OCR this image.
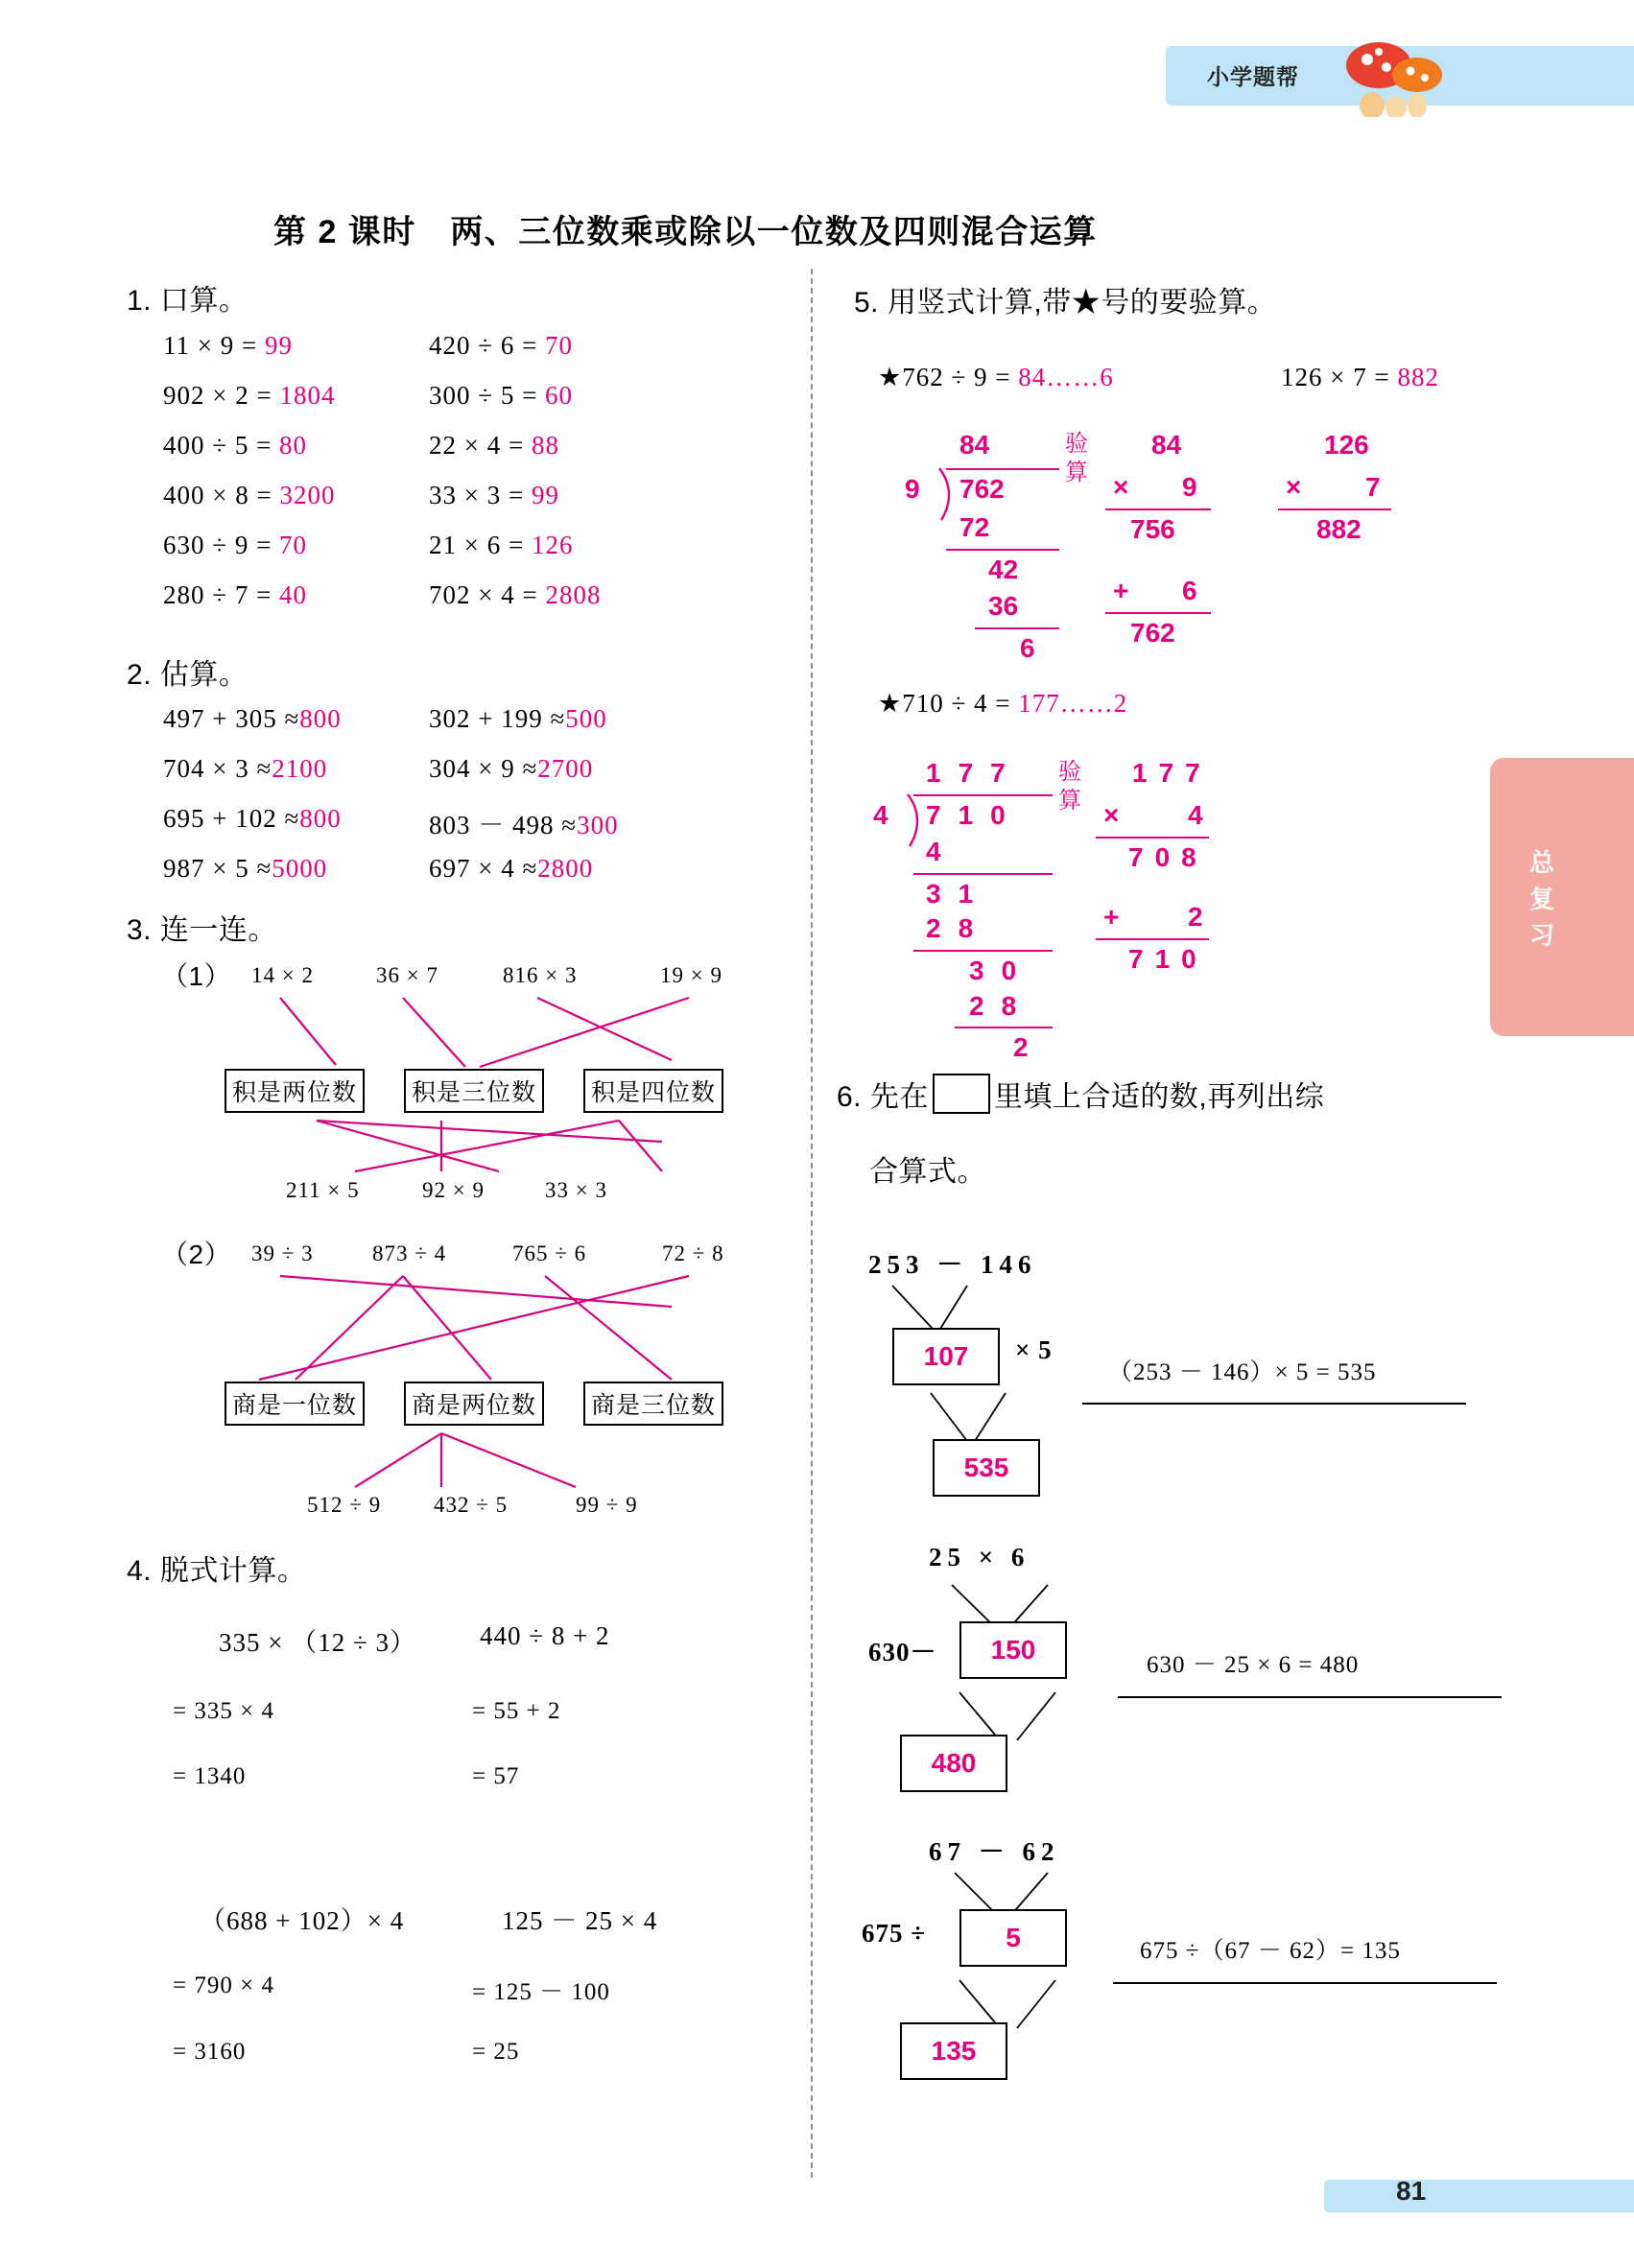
小学题帮
总复习
第 2 课时　两、三位数乘或除以一位数及四则混合运算
1. 口算。
11 × 9 = 99	420 ÷ 6 = 70
902 × 2 = 1804	300 ÷ 5 = 60
400 ÷ 5 = 80	22 × 4 = 88
400 × 8 = 3200	33 × 3 = 99
630 ÷ 9 = 70	21 × 6 = 126
280 ÷ 7 = 40	702 × 4 = 2808
2. 估算。
497 + 305 ≈800	302 + 199 ≈500
704 × 3 ≈2100	304 × 9 ≈2700
695 + 102 ≈800	803 － 498 ≈300
987 × 5 ≈5000	697 × 4 ≈2800
3. 连一连。
（1） 14 × 2	36 × 7	816 × 3	19 × 9
积是两位数	积是三位数	积是四位数
211 × 5	92 × 9	33 × 3
（2） 39 ÷ 3	873 ÷ 4	765 ÷ 6	72 ÷ 8
商是一位数	商是两位数	商是三位数
512 ÷ 9 432 ÷ 5	99 ÷ 9
4. 脱式计算。
335 × （12 ÷ 3） 440 ÷ 8 + 2
= 335 × 4	= 55 + 2
= 1340	= 57
（688 + 102）× 4	125 － 25 × 4
= 790 × 4	= 125 － 100
= 3160	= 25
5. 用竖式计算,带★号的要验算。
★762 ÷ 9 = 84……6	126 × 7 = 882
84
9 762
72
42
36
6
验算
84
× 9
756
+ 6
762
126
× 7
882
★710 ÷ 4 = 177……2
177
4 710
4
31
28
30
28
2
验算
177
×	4
708
+	2
710
6. 先在 里填上合适的数,再列出综
合算式。
253 － 146
107	× 5
535
（253 － 146）× 5 = 535
25 × 6
630－	150
480
630 － 25 × 6 = 480
67 － 62
675 ÷	5
135
675 ÷（67 － 62）= 135
81
